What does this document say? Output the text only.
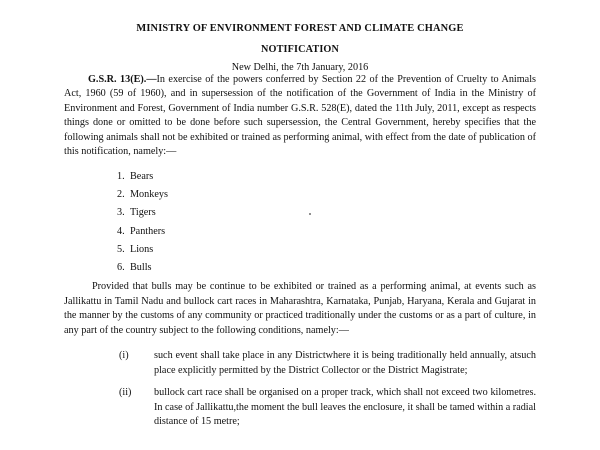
MINISTRY OF ENVIRONMENT FOREST AND CLIMATE CHANGE
NOTIFICATION
New Delhi, the 7th January, 2016

G.S.R. 13(E).—In exercise of the powers conferred by Section 22 of the Prevention of Cruelty to Animals Act, 1960 (59 of 1960), and in supersession of the notification of the Government of India in the Ministry of Environment and Forest, Government of India number G.S.R. 528(E), dated the 11th July, 2011, except as respects things done or omitted to be done before such supersession, the Central Government, hereby specifies that the following animals shall not be exhibited or trained as performing animal, with effect from the date of publication of this notification, namely:—

1. Bears
2. Monkeys
3. Tigers
4. Panthers
5. Lions
6. Bulls

Provided that bulls may be continue to be exhibited or trained as a performing animal, at events such as Jallikattu in Tamil Nadu and bullock cart races in Maharashtra, Karnataka, Punjab, Haryana, Kerala and Gujarat in the manner by the customs of any community or practiced traditionally under the customs or as a part of culture, in any part of the country subject to the following conditions, namely:—

(i)	such event shall take place in any Districtwhere it is being traditionally held annually, atsuch place explicitly permitted by the District Collector or the District Magistrate;
(ii)	bullock cart race shall be organised on a proper track, which shall not exceed two kilometres. In case of Jallikattu,the moment the bull leaves the enclosure, it shall be tamed within a radial distance of 15 metre;
